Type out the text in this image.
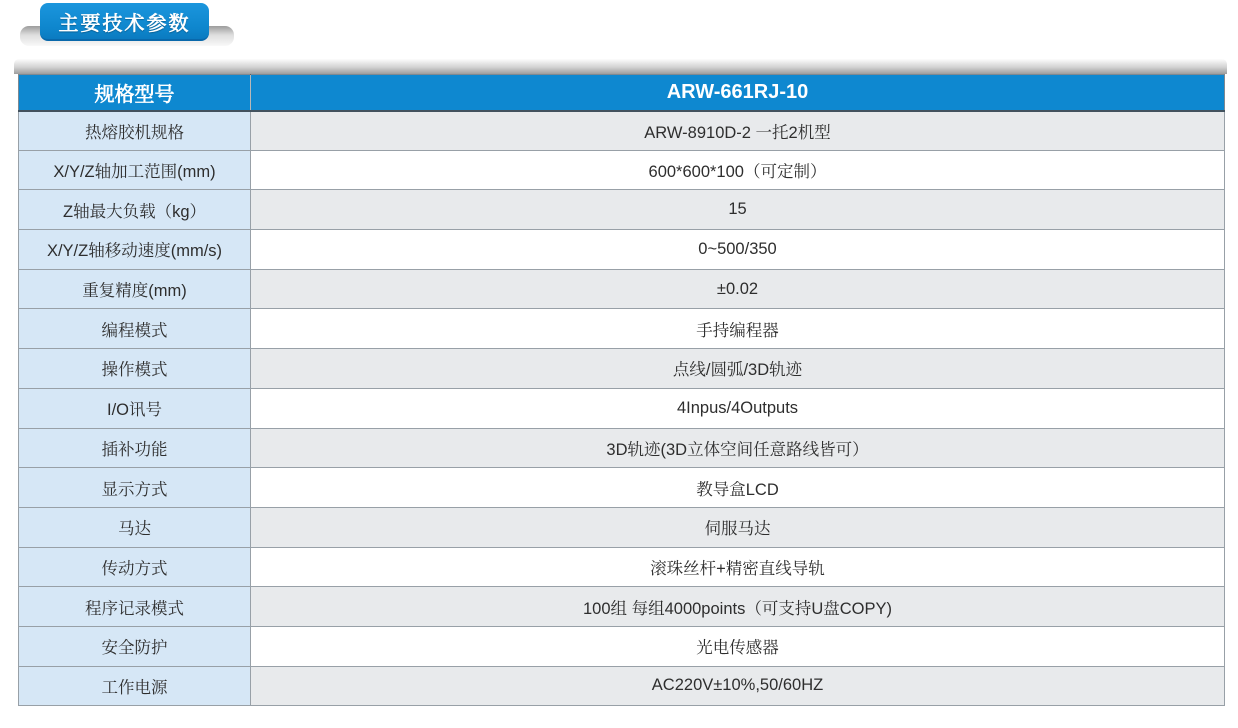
主要技术参数
规格型号	ARW-661RJ-10
热熔胶机规格	ARW-8910D-2 一托2机型
X/Y/Z轴加工范围(mm)	600*600*100（可定制）
Z轴最大负载（kg）	15
X/Y/Z轴移动速度(mm/s)	0~500/350
重复精度(mm)	±0.02
编程模式	手持编程器
操作模式	点线/圆弧/3D轨迹
I/O讯号	4Inpus/4Outputs
插补功能	3D轨迹(3D立体空间任意路线皆可）
显示方式	教导盒LCD
马达	伺服马达
传动方式	滚珠丝杆+精密直线导轨
程序记录模式	100组 每组4000points（可支持U盘COPY)
安全防护	光电传感器
工作电源	AC220V±10%,50/60HZ
